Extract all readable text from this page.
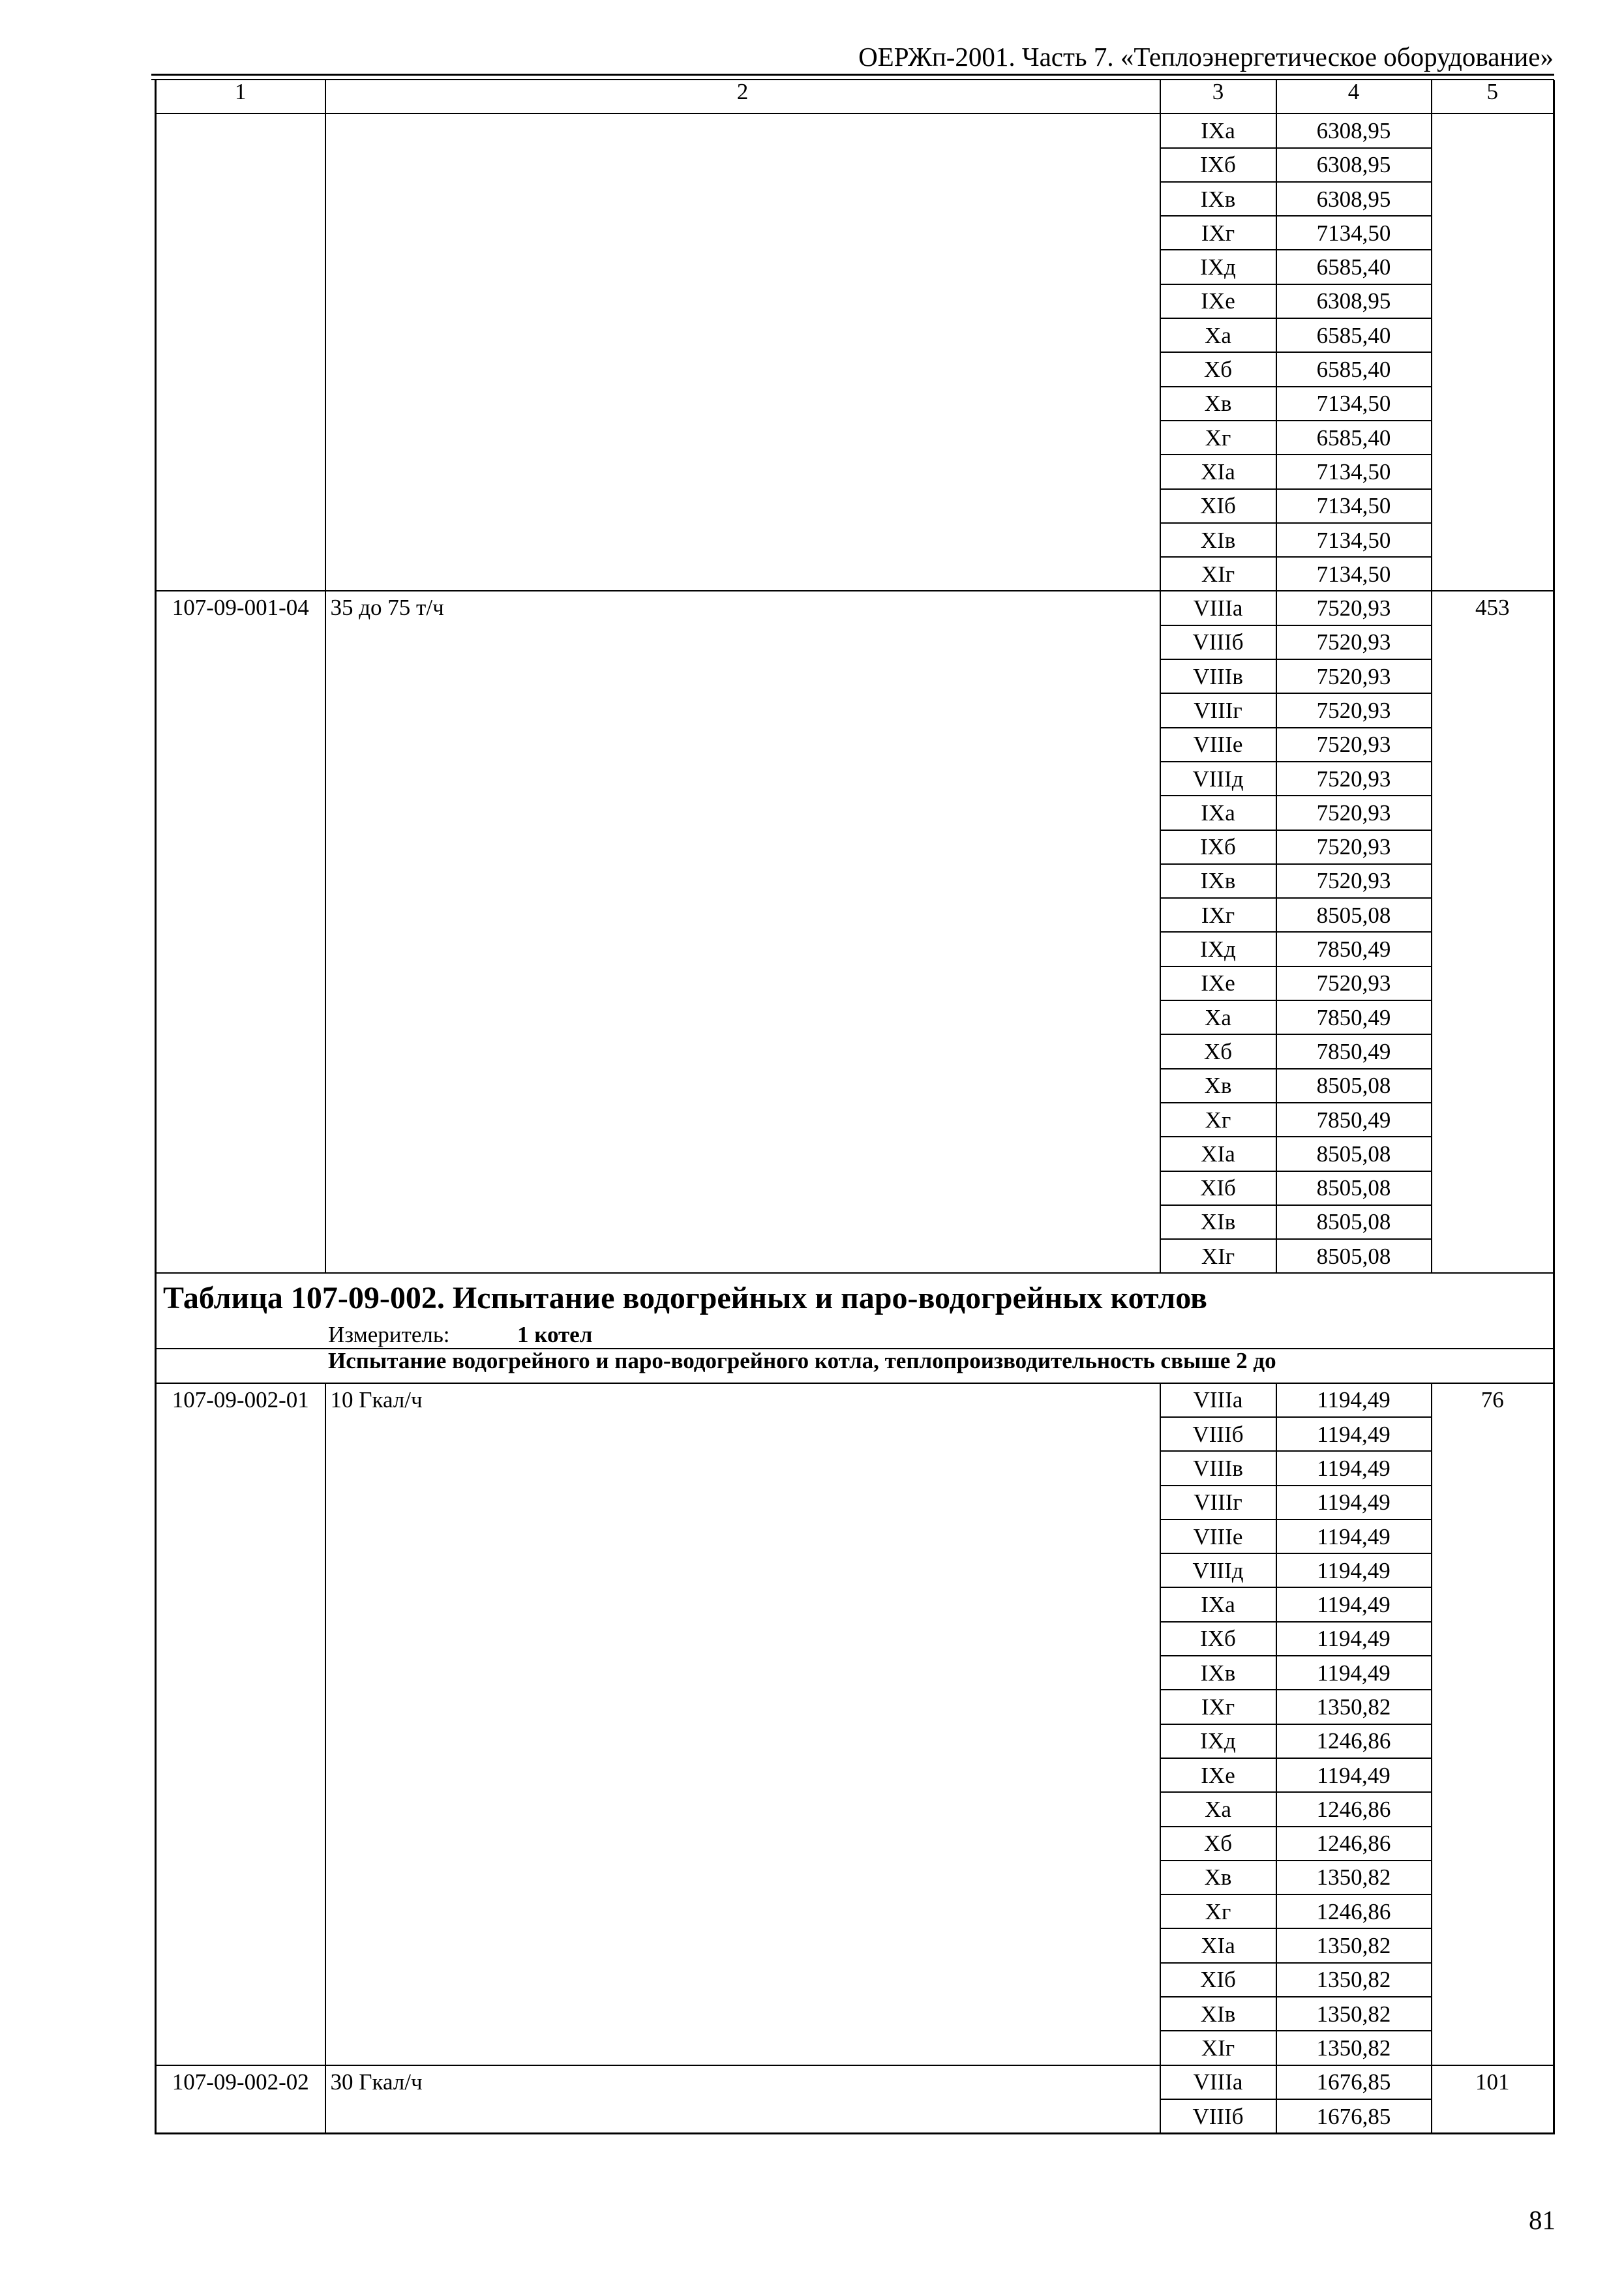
ОЕРЖп-2001. Часть 7. «Теплоэнергетическое оборудование»
1	2	3	4	5
		IXа	6308,95	
		IXб	6308,95	
		IXв	6308,95	
		IXг	7134,50	
		IXд	6585,40	
		IXе	6308,95	
		Xа	6585,40	
		Xб	6585,40	
		Xв	7134,50	
		Xг	6585,40	
		XIа	7134,50	
		XIб	7134,50	
		XIв	7134,50	
		XIг	7134,50	
107-09-001-04	35 до 75 т/ч	VIIIа	7520,93	453
		VIIIб	7520,93	
		VIIIв	7520,93	
		VIIIг	7520,93	
		VIIIе	7520,93	
		VIIIд	7520,93	
		IXа	7520,93	
		IXб	7520,93	
		IXв	7520,93	
		IXг	8505,08	
		IXд	7850,49	
		IXе	7520,93	
		Xа	7850,49	
		Xб	7850,49	
		Xв	8505,08	
		Xг	7850,49	
		XIа	8505,08	
		XIб	8505,08	
		XIв	8505,08	
		XIг	8505,08	

Таблица 107-09-002. Испытание водогрейных и паро-водогрейных котлов
Измеритель: 1 котел				

Испытание водогрейного и паро-водогрейного котла, теплопроизводительность свыше 2 до				
107-09-002-01	10 Гкал/ч	VIIIа	1194,49	76
		VIIIб	1194,49	
		VIIIв	1194,49	
		VIIIг	1194,49	
		VIIIе	1194,49	
		VIIIд	1194,49	
		IXа	1194,49	
		IXб	1194,49	
		IXв	1194,49	
		IXг	1350,82	
		IXд	1246,86	
		IXе	1194,49	
		Xа	1246,86	
		Xб	1246,86	
		Xв	1350,82	
		Xг	1246,86	
		XIа	1350,82	
		XIб	1350,82	
		XIв	1350,82	
		XIг	1350,82	
107-09-002-02	30 Гкал/ч	VIIIа	1676,85	101
		VIIIб	1676,85	
81
